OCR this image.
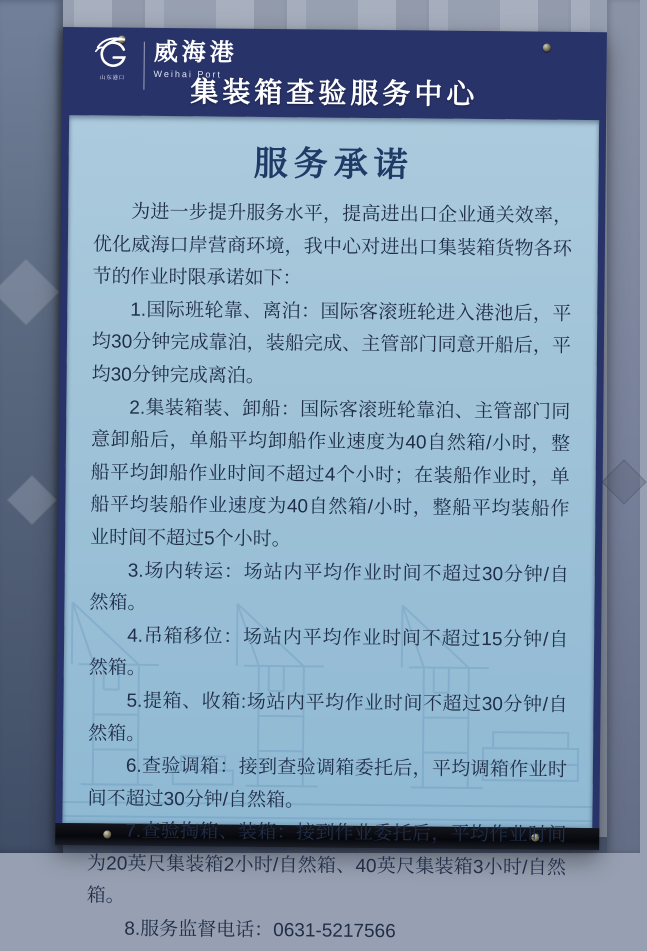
山东港口
威海港
Weihai Port
集装箱查验服务中心
服务承诺

为进一步提升服务水平，提高进出口企业通关效率，优化威海口岸营商环境，我中心对进出口集装箱货物各环节的作业时限承诺如下：

1.国际班轮靠、离泊：国际客滚班轮进入港池后，平均30分钟完成靠泊，装船完成、主管部门同意开船后，平均30分钟完成离泊。

2.集装箱装、卸船：国际客滚班轮靠泊、主管部门同意卸船后，单船平均卸船作业速度为40自然箱/小时，整船平均卸船作业时间不超过4个小时；在装船作业时，单船平均装船作业速度为40自然箱/小时，整船平均装船作业时间不超过5个小时。

3.场内转运：场站内平均作业时间不超过30分钟/自然箱。

4.吊箱移位：场站内平均作业时间不超过15分钟/自然箱。

5.提箱、收箱:场站内平均作业时间不超过30分钟/自然箱。

6.查验调箱：接到查验调箱委托后，平均调箱作业时间不超过30分钟/自然箱。

7.查验掏箱、装箱：接到作业委托后，平均作业时间为20英尺集装箱2小时/自然箱、40英尺集装箱3小时/自然箱。

8.服务监督电话：0631-5217566
